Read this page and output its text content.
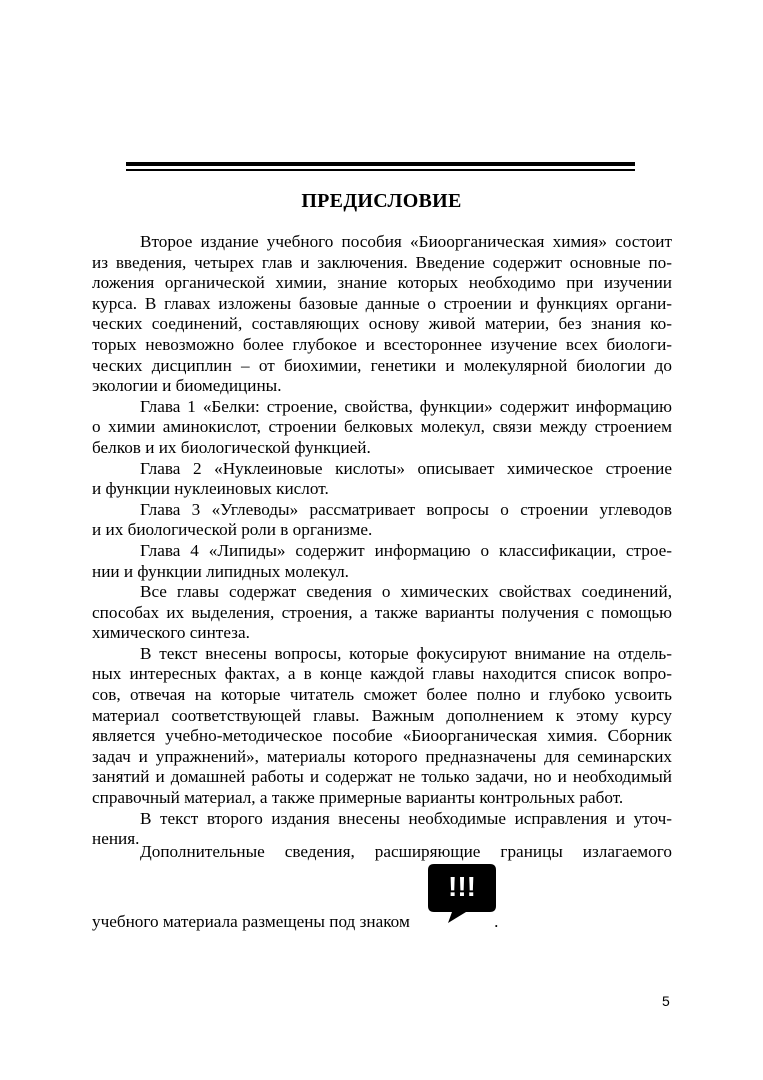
ПРЕДИСЛОВИЕ
Второе издание учебного пособия «Биоорганическая химия» состоит
из введения, четырех глав и заключения. Введение содержит основные по-
ложения органической химии, знание которых необходимо при изучении
курса. В главах изложены базовые данные о строении и функциях органи-
ческих соединений, составляющих основу живой материи, без знания ко-
торых невозможно более глубокое и всестороннее изучение всех биологи-
ческих дисциплин – от биохимии, генетики и молекулярной биологии до
экологии и биомедицины.
Глава 1 «Белки: строение, свойства, функции» содержит информацию
о химии аминокислот, строении белковых молекул, связи между строением
белков и их биологической функцией.
Глава 2 «Нуклеиновые кислоты» описывает химическое строение
и функции нуклеиновых кислот.
Глава 3 «Углеводы» рассматривает вопросы о строении углеводов
и их биологической роли в организме.
Глава 4 «Липиды» содержит информацию о классификации, строе-
нии и функции липидных молекул.
Все главы содержат сведения о химических свойствах соединений,
способах их выделения, строения, а также варианты получения с помощью
химического синтеза.
В текст внесены вопросы, которые фокусируют внимание на отдель-
ных интересных фактах, а в конце каждой главы находится список вопро-
сов, отвечая на которые читатель сможет более полно и глубоко усвоить
материал соответствующей главы. Важным дополнением к этому курсу
является учебно-методическое пособие «Биоорганическая химия. Сборник
задач и упражнений», материалы которого предназначены для семинарских
занятий и домашней работы и содержат не только задачи, но и необходимый
справочный материал, а также примерные варианты контрольных работ.
В текст второго издания внесены необходимые исправления и уточ-
нения.
Дополнительные сведения, расширяющие границы излагаемого
учебного материала размещены под знаком	.
!!!
5
